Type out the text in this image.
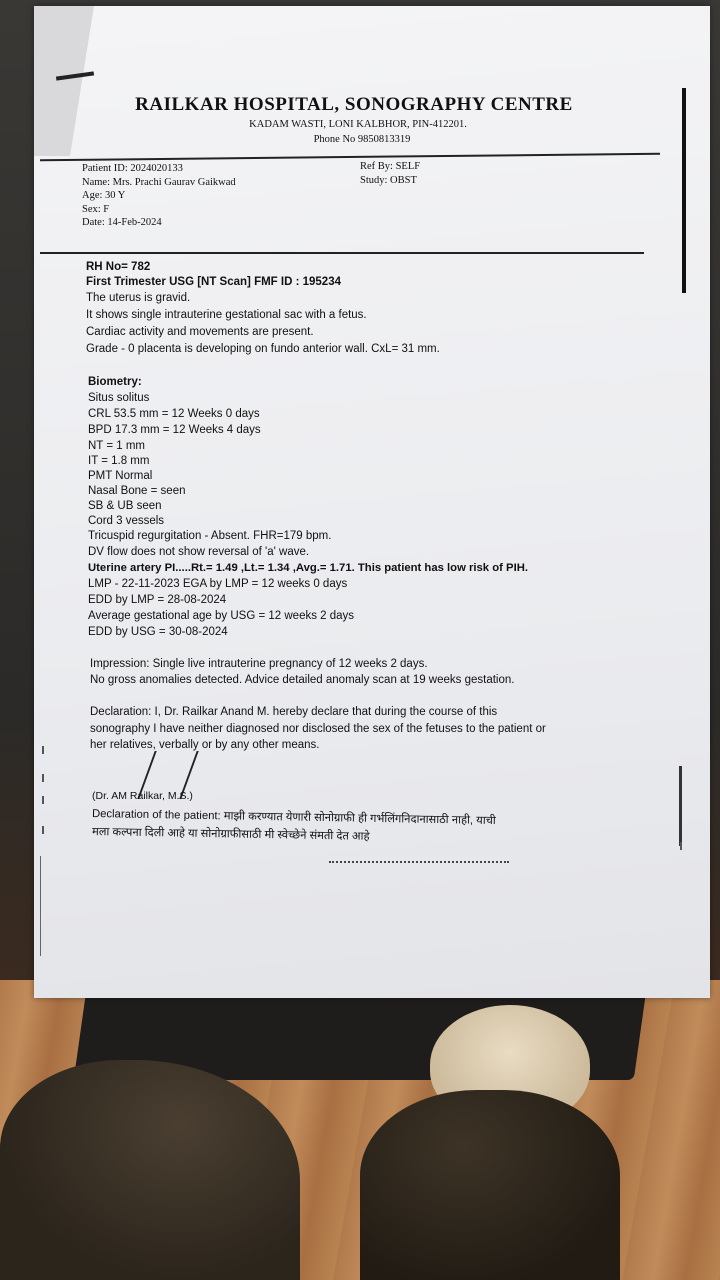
RAILKAR HOSPITAL, SONOGRAPHY CENTRE
KADAM WASTI, LONI KALBHOR, PIN-412201.
Phone No 9850813319
Patient ID: 2024020133
Name: Mrs. Prachi Gaurav Gaikwad
Age: 30 Y
Sex: F
Date: 14-Feb-2024
Ref By: SELF
Study: OBST
RH No= 782
First Trimester USG [NT Scan] FMF ID : 195234
The uterus is gravid.
It shows single intrauterine gestational sac with a fetus.
Cardiac activity and movements are present.
Grade - 0 placenta is developing on fundo anterior wall. CxL= 31 mm.
Biometry:
Situs solitus
CRL 53.5 mm = 12 Weeks 0 days
BPD 17.3 mm = 12 Weeks 4 days
NT = 1 mm
IT = 1.8 mm
PMT Normal
Nasal Bone = seen
SB & UB seen
Cord 3 vessels
Tricuspid regurgitation - Absent. FHR=179 bpm.
DV flow does not show reversal of 'a' wave.
Uterine artery PI.....Rt.= 1.49 ,Lt.= 1.34 ,Avg.= 1.71. This patient has low risk of PIH.
LMP - 22-11-2023 EGA by LMP = 12 weeks 0 days
EDD by LMP = 28-08-2024
Average gestational age by USG = 12 weeks 2 days
EDD by USG = 30-08-2024
Impression: Single live intrauterine pregnancy of 12 weeks 2 days.
No gross anomalies detected. Advice detailed anomaly scan at 19 weeks gestation.
Declaration: I, Dr. Railkar Anand M. hereby declare that during the course of this
sonography I have neither diagnosed nor disclosed the sex of the fetuses to the patient or
her relatives, verbally or by any other means.
(Dr. AM Railkar, M.S.)
Declaration of the patient: माझी करण्यात येणारी सोनोग्राफी ही गर्भलिंगनिदानासाठी नाही, याची
मला कल्पना दिली आहे या सोनोग्राफीसाठी मी स्वेच्छेने संमती देत आहे
